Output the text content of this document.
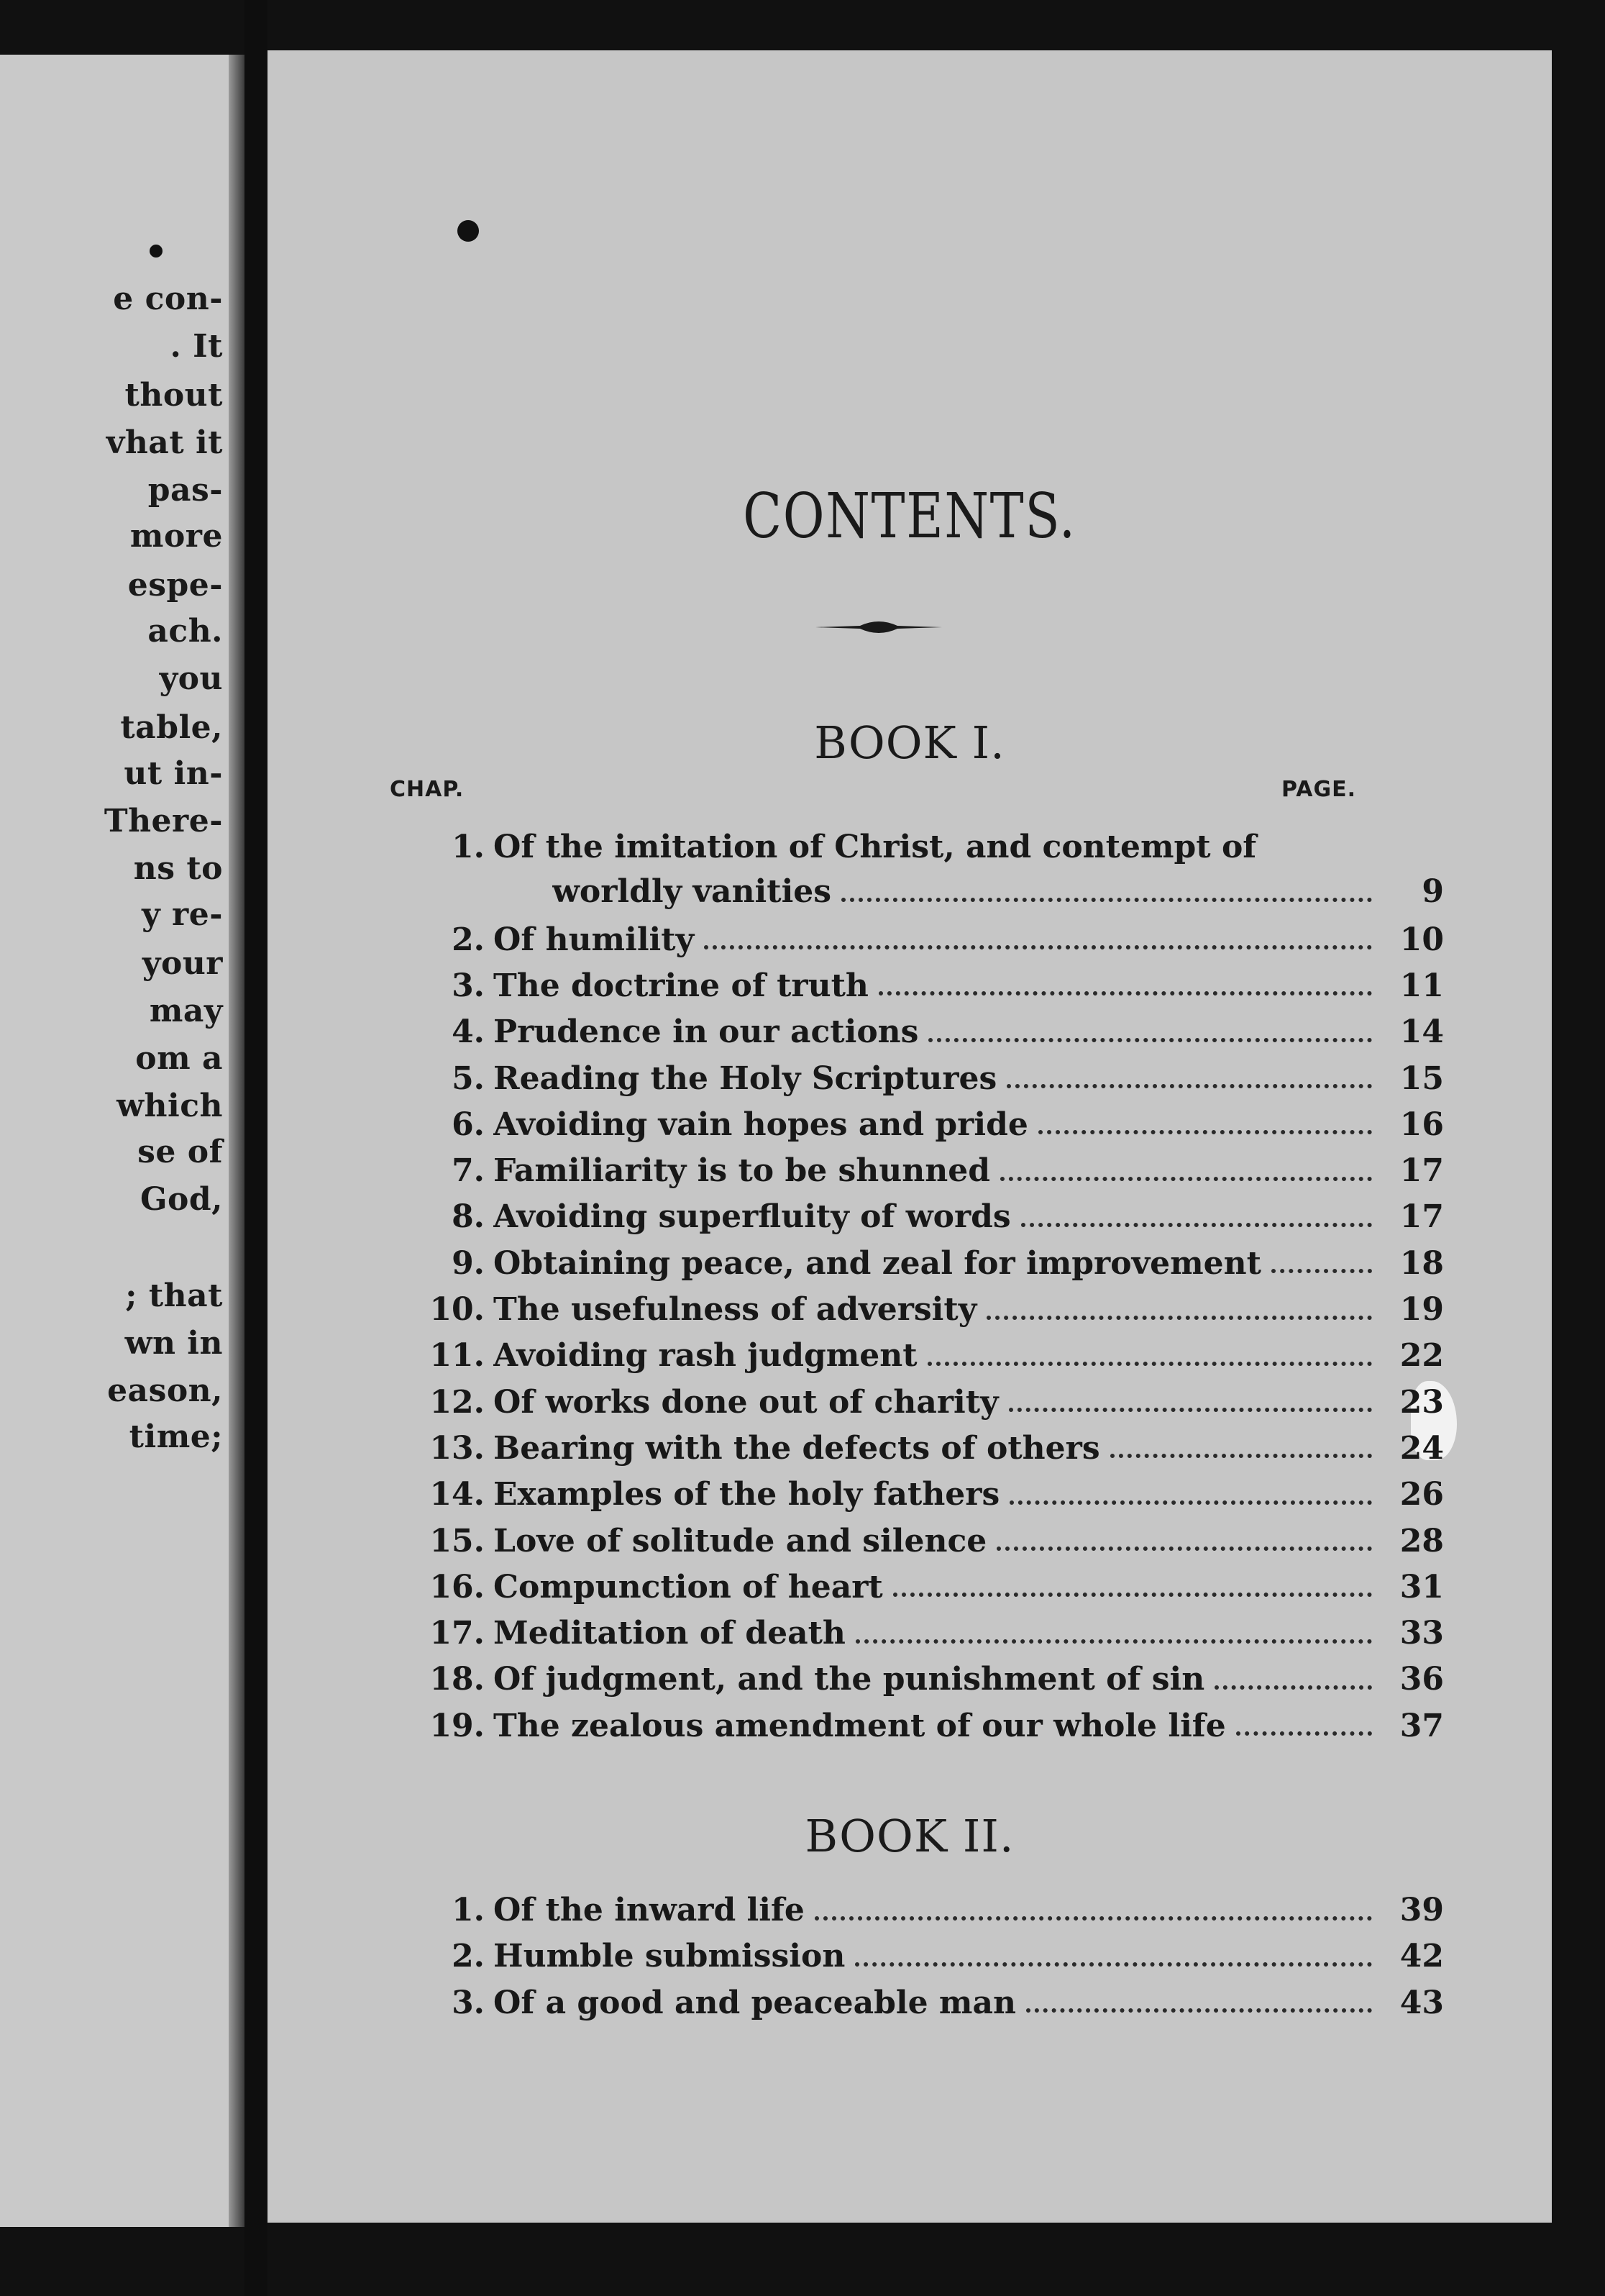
e con-
. It
thout
vhat it
pas-
more
espe-
ach.
you
table,
ut in-
There-
ns to
y re-
your
may
om a
which
se of
God,
; that
wn in
eason,
time;
CONTENTS.
BOOK I.
CHAP.	PAGE.
1. Of the imitation of Christ, and contempt of
worldly vanities	9
2. Of humility	10
3. The doctrine of truth	11
4. Prudence in our actions	14
5. Reading the Holy Scriptures	15
6. Avoiding vain hopes and pride	16
7. Familiarity is to be shunned	17
8. Avoiding superfluity of words	17
9. Obtaining peace, and zeal for improvement	18
10. The usefulness of adversity	19
11. Avoiding rash judgment	22
12. Of works done out of charity	23
13. Bearing with the defects of others	24
14. Examples of the holy fathers	26
15. Love of solitude and silence	28
16. Compunction of heart	31
17. Meditation of death	33
18. Of judgment, and the punishment of sin	36
19. The zealous amendment of our whole life	37
BOOK II.
1. Of the inward life	39
2. Humble submission	42
3. Of a good and peaceable man	43
